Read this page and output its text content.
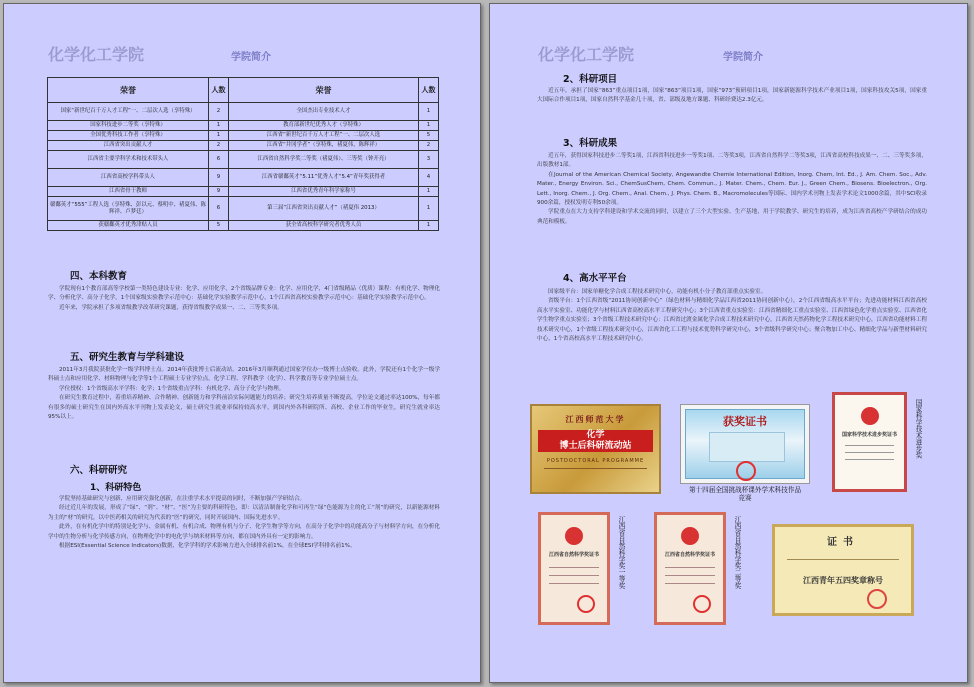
化学化工学院	学院简介
荣誉	人数	荣誉	人数
国家“新世纪百千万人才工程”一、二层次人选（享特殊）	2	全国杰出专业技术人才	1
国家科技进步二等奖（享特殊）	1	教育部新世纪优秀人才（享特殊）	1
全国优秀科技工作者（享特殊）	1	江西省“新世纪百千万人才工程”一、二层次人选	5
江西省突出贡献人才	2	江西省“井冈学者”（享特殊，褚夏伟，陈辉祥）	2
江西省主要学科学术和技术带头人	6	江西省自然科学奖二等奖（褚夏伟）、三等奖（钟开亮）	3
江西省高校学科带头人	9	江西省赣鄱英才“5.11”优秀人才“5.4”青年奖获得者	4
江西省骨干教师	9	江西省优秀青年科学家称号	1
赣鄱英才“555”工程人选（享特殊、彭以元、蔡明中、褚夏伟、陈辉祥、卢梦廷）	6	第三届“江西省突出贡献人才”（褚夏伟 2013）	1
获赣鄱英才优秀津贴人员	5	获全省高校科学研究者优秀人员	1
四、本科教育
学院现有1个教育部高等学校第一类特色建设专业：化学、应用化学，2个省级品牌专业：化学、应用化学，4门省级精品（优质）课程：有机化学、物理化学、分析化学、高分子化学，1个国家级实验教学示范中心：基础化学实验教学示范中心，1个江西省高校实验教学示范中心：基础化学实验教学示范中心。
近年来，学院承担了多项省级教学改革研究课题，获得省级教学成果一、二、三等奖多项。
五、研究生教育与学科建设
2011年3月我院获批化学一级学科博士点。2014年获批博士后流动站。2016年3月顺利通过国家学位办一级博士点验收。此外，学院还有1个化学一级学科硕士点和应用化学、材料物理与化学等1个工程硕士专业学位点，化学工程、学科教学（化学）、科学教育等专业学位硕士点。
学位授权：1个省级高水平学科：化学；1个省级重点学科：有机化学、高分子化学与物理。
在研究生教育过程中，着重培养精神、合作精神、创新能力和学科前沿实际问题能力的培养；研究生培养质量不断提高，学位论文通过率达100%，每年都有很多的硕士研究生在国内外高水平刊物上发表论文，硕士研究生就业率保持较高水平，到国内外各科研院所、高校、企业工作的毕业生，研究生就业率达95%以上。
六、科研研究
1、科研特色
学院坚持基础研究与创新、应用研究强化创新，在注重学术水平提高的同时，不断加强产学研结合。
经过近几年的发展，形成了“绿”、“剂”、“材”、“医”为主要的科研特色，即：以清洁制备化学和可再生“绿”色能源为主的化工“剂”的研究，以新能源材料为主的“材”的研究，以中医药相关的研究为代表的“医”的研究，同时开展国内、国际先进水平。
此外，在有机化学中的特别是化学与、金属有机、有机合成、物理有机与分子、化学生物学等方向，在高分子化学中的功能高分子与材料学方向，在分析化学中的生物分析与化学传感方向，在物理化学中的电化学与纳米材料等方向，都在国内外具有一定的影响力。
根据ESI(Essential Science Indicators)数据，化学学科的学术影响力进入全球排名前1%，在全球ESI学科排名前1%。
化学化工学院	学院简介
2、科研项目
近五年，承担了国家“863”重点项目1项，国家“863”项目1项，国家“973”预研项目1项，国家新能源科学技术产业项目1项，国家科技攻关5项，国家重大国际合作项目1项，国家自然科学基金几十项，省、部级及地方课题、科研经费达2.3亿元。
3、科研成果
近五年，获得国家科技进步二等奖1项，江西省科技进步一等奖1项、二等奖3项，江西省自然科学二等奖3项，江西省高校科技成果一、二、三等奖多项，出版教材1部。
在Journal of the American Chemical Society, Angewandte Chemie International Edition, Inorg. Chem, Int. Ed., J. Am. Chem. Soc., Adv. Mater., Energy Environ. Sci., ChemSusChem, Chem. Commun., J. Mater. Chem., Chem. Eur. J., Green Chem., Biosens. Bioelectron., Org. Lett., Inorg. Chem., J. Org. Chem., Anal. Chem., J. Phys. Chem. B., Macromolecules等国际、国内学术刊物上发表学术论文1000余篇，其中SCI收录900余篇，授权发明专利50余项。
学院重点在大力支持学科建设和学术交流的同时，以建立了三个大型实验、生产基地，用于学院教学、研究生的培养，成为江西省高校产学研结合的成功典范和模板。
4、高水平平台
国家级平台：国家单糖化学合成工程技术研究中心，功能有机小分子教育部重点实验室。
省级平台：1个江西省级“2011协同创新中心”（绿色材料与精细化学品江西省2011协同创新中心），2个江西省级高水平平台；先进功能材料江西省高校高水平实验室、功能化学与材料江西省高校高水平工程研究中心；3个江西省重点实验室：江西省精细化工重点实验室、江西省绿色化学重点实验室、江西省化学生物学重点实验室；3个省级工程技术研究中心：江西省过渡金属化学合成工程技术研究中心，江西省天然药物化学工程技术研究中心，江西省功能材料工程技术研究中心，1个省级工程技术研究中心，江西省化工工程与技术优势科学研究中心，3个省级科学研究中心；聚合物加工中心、精细化学品与新型材料研究中心，1个省高校高水平工程技术研究中心。
江西师范大学
化学
博士后科研流动站
POSTDOCTORAL PROGRAMME
获奖证书
第十四届全国挑战杯课外学术科技作品竞赛
国家科学技术进步奖证书	国家科学技术进步奖
江西省自然科学奖证书	江西省自然科学奖一等奖	江西省自然科学奖证书	江西省自然科学奖二等奖	证书
江西青年五四奖章称号
